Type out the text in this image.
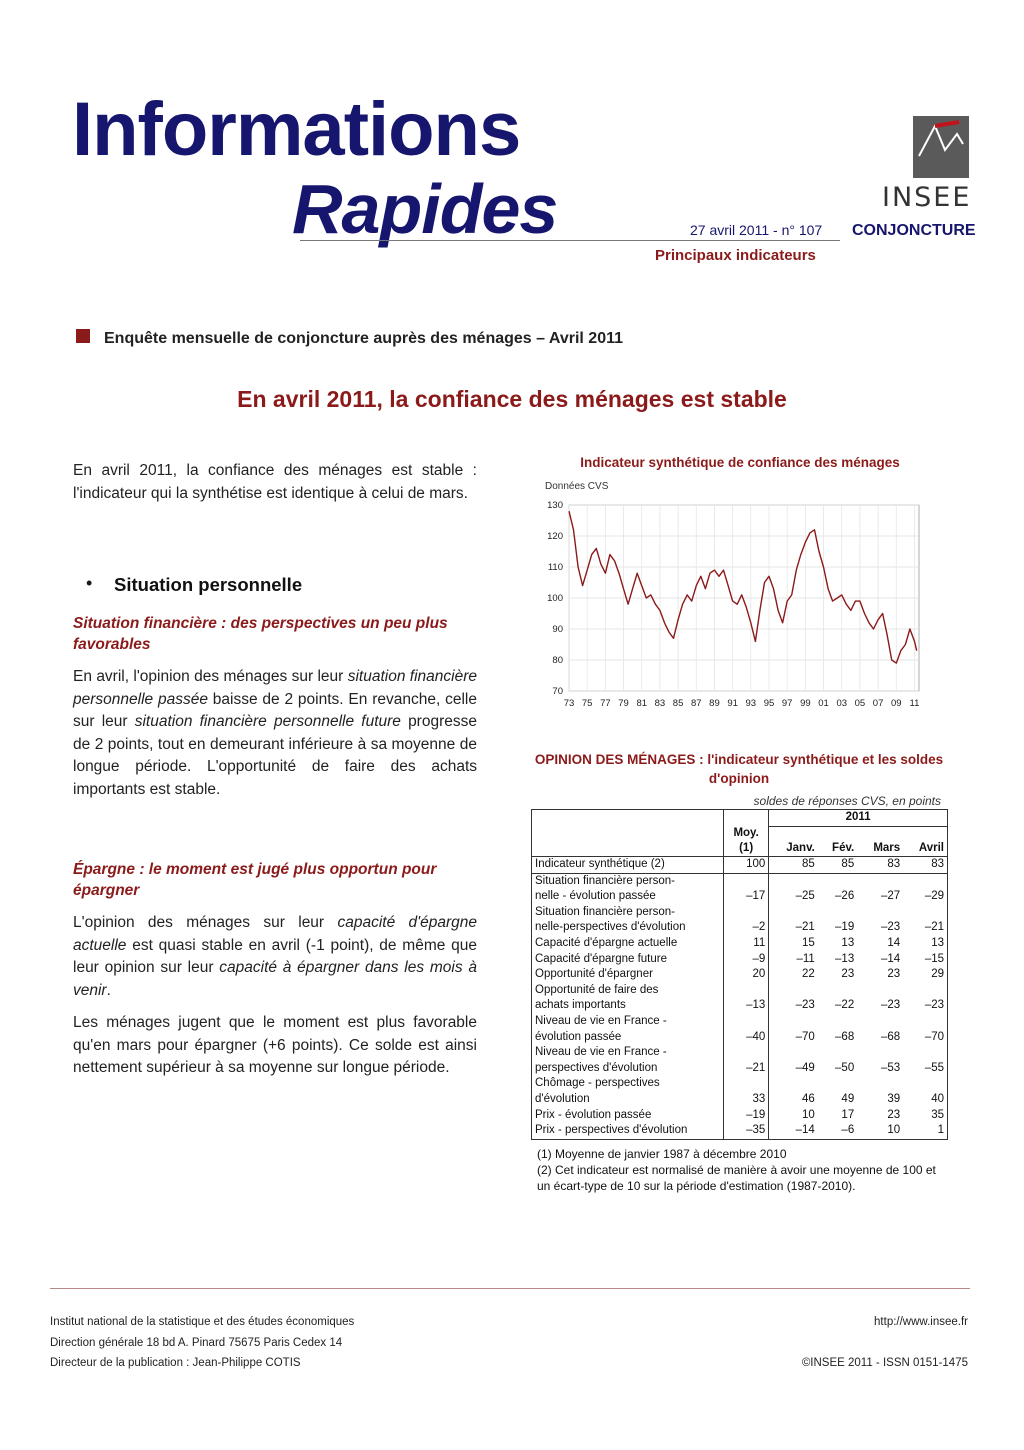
Informations
Rapides	27 avril 2011 - n° 107
Principaux indicateurs
INSEE
CONJONCTURE
Enquête mensuelle de conjoncture auprès des ménages – Avril 2011
En avril 2011, la confiance des ménages est stable
En avril 2011, la confiance des ménages est stable : l'indicateur qui la synthétise est identique à celui de mars.
• Situation personnelle
Situation financière : des perspectives un peu plus favorables
En avril, l'opinion des ménages sur leur situation financière personnelle passée baisse de 2 points. En revanche, celle sur leur situation financière personnelle future progresse de 2 points, tout en demeurant inférieure à sa moyenne de longue période. L'opportunité de faire des achats importants est stable.
Épargne : le moment est jugé plus opportun pour épargner
L'opinion des ménages sur leur capacité d'épargne actuelle est quasi stable en avril (-1 point), de même que leur opinion sur leur capacité à épargner dans les mois à venir.
Les ménages jugent que le moment est plus favorable qu'en mars pour épargner (+6 points). Ce solde est ainsi nettement supérieur à sa moyenne sur longue période.
Indicateur synthétique de confiance des ménages
Données CVS
70
80
90
100
110
120
130
73 75 77 79 81 83 85 87 89 91 93 95 97 99 01 03 05 07 09 11
OPINION DES MÉNAGES : l'indicateur synthétique et les soldes d'opinion
soldes de réponses CVS, en points
		2011			
	Moy.
(1)	Janv.	Fév.	Mars	Avril
Indicateur synthétique (2)	100	85	85	83	83
Situation financière person-
nelle - évolution passée	–17	–25	–26	–27	–29
Situation financière person-
nelle-perspectives d'évolution	–2	–21	–19	–23	–21
Capacité d'épargne actuelle	11	15	13	14	13
Capacité d'épargne future	–9	–11	–13	–14	–15
Opportunité d'épargner	20	22	23	23	29
Opportunité de faire des
achats importants	–13	–23	–22	–23	–23
Niveau de vie en France -
évolution passée	–40	–70	–68	–68	–70
Niveau de vie en France -
perspectives d'évolution	–21	–49	–50	–53	–55
Chômage - perspectives
d'évolution	33	46	49	39	40
Prix - évolution passée	–19	10	17	23	35
Prix - perspectives d'évolution	–35	–14	–6	10	1
(1) Moyenne de janvier 1987 à décembre 2010
(2) Cet indicateur est normalisé de manière à avoir une moyenne de 100 et un écart-type de 10 sur la période d'estimation (1987-2010).
Institut national de la statistique et des études économiques
Direction générale 18 bd A. Pinard 75675 Paris Cedex 14
Directeur de la publication : Jean-Philippe COTIS
http://www.insee.fr
©INSEE 2011 - ISSN 0151-1475
